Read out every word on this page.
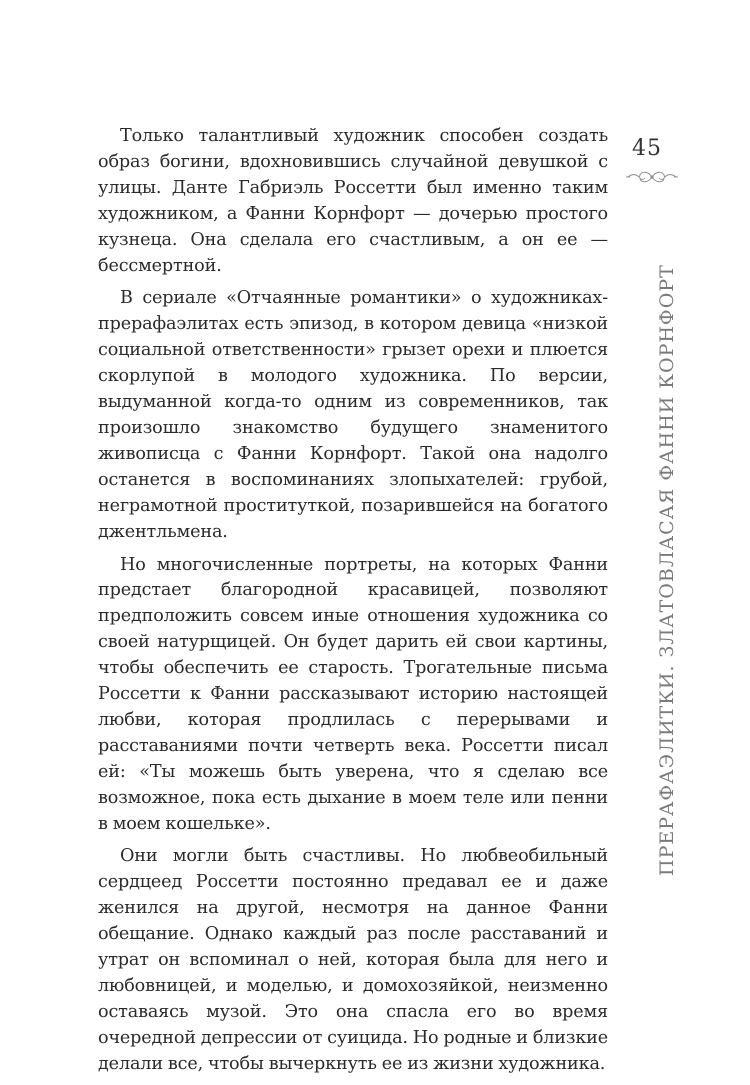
Только талантливый художник способен создать образ богини, вдохновившись случайной девушкой с улицы. Данте Габриэль Россетти был именно таким художником, а Фанни Корнфорт — дочерью простого кузнеца. Она сделала его счастливым, а он ее — бессмертной.

В сериале «Отчаянные романтики» о художниках-прерафаэлитах есть эпизод, в котором девица «низкой социальной ответственности» грызет орехи и плюется скорлупой в молодого художника. По версии, выдуманной когда-то одним из современников, так произошло знакомство будущего знаменитого живописца с Фанни Корнфорт. Такой она надолго останется в воспоминаниях злопыхателей: грубой, неграмотной проституткой, позарившейся на богатого джентльмена.

Но многочисленные портреты, на которых Фанни предстает благородной красавицей, позволяют предположить совсем иные отношения художника со своей натурщицей. Он будет дарить ей свои картины, чтобы обеспечить ее старость. Трогательные письма Россетти к Фанни рассказывают историю настоящей любви, которая продлилась с перерывами и расставаниями почти четверть века. Россетти писал ей: «Ты можешь быть уверена, что я сделаю все возможное, пока есть дыхание в моем теле или пенни в моем кошельке».

Они могли быть счастливы. Но любвеобильный сердцеед Россетти постоянно предавал ее и даже женился на другой, несмотря на данное Фанни обещание. Однако каждый раз после расставаний и утрат он вспоминал о ней, которая была для него и любовницей, и моделью, и домохозяйкой, неизменно оставаясь музой. Это она спасла его во время очередной депрессии от суицида. Но родные и близкие делали все, чтобы вычеркнуть ее из жизни художника.

45
ПРЕРАФАЭЛИТКИ. ЗЛАТОВЛАСАЯ ФАННИ КОРНФОРТ
